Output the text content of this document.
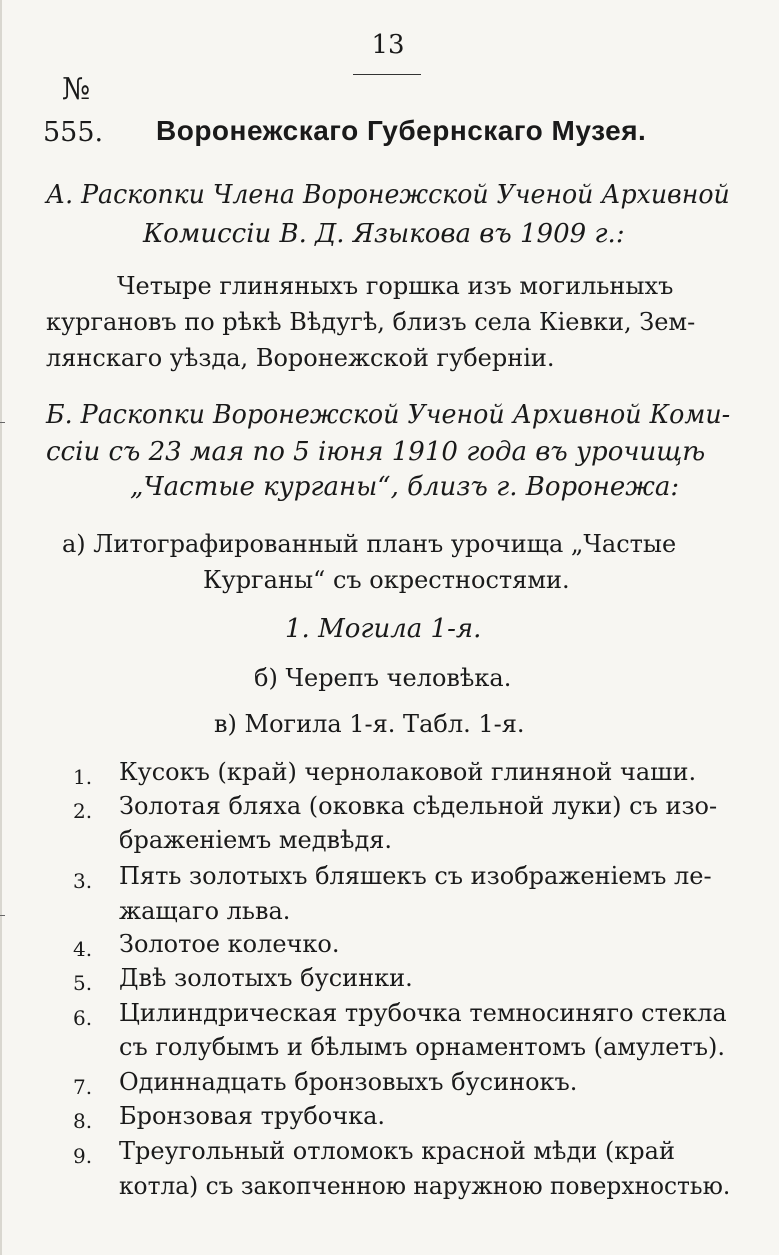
13
№
555. Воронежскаго Губернскаго Музея.
А. Раскопки Члена Воронежской Ученой Архивной
Комиссіи В. Д. Языкова въ 1909 г.:
Четыре глиняныхъ горшка изъ могильныхъ
кургановъ по рѣкѣ Вѣдугѣ, близъ села Кіевки, Зем-
лянскаго уѣзда, Воронежской губерніи.
Б. Раскопки Воронежской Ученой Архивной Коми-
ссіи съ 23 мая по 5 іюня 1910 года въ урочищѣ
„Частые курганы“, близъ г. Воронежа:
а) Литографированный планъ урочища „Частые
Курганы“ съ окрестностями.
1. Могила 1-я.
б) Черепъ человѣка.
в) Могила 1-я. Табл. 1-я.
1. Кусокъ (край) чернолаковой глиняной чаши.
2. Золотая бляха (оковка сѣдельной луки) съ изо-
браженіемъ медвѣдя.
3. Пять золотыхъ бляшекъ съ изображеніемъ ле-
жащаго льва.
4. Золотое колечко.
5. Двѣ золотыхъ бусинки.
6. Цилиндрическая трубочка темносиняго стекла
съ голубымъ и бѣлымъ орнаментомъ (амулетъ).
7. Одиннадцать бронзовыхъ бусинокъ.
8. Бронзовая трубочка.
9. Треугольный отломокъ красной мѣди (край
котла) съ закопченною наружною поверхностью.
